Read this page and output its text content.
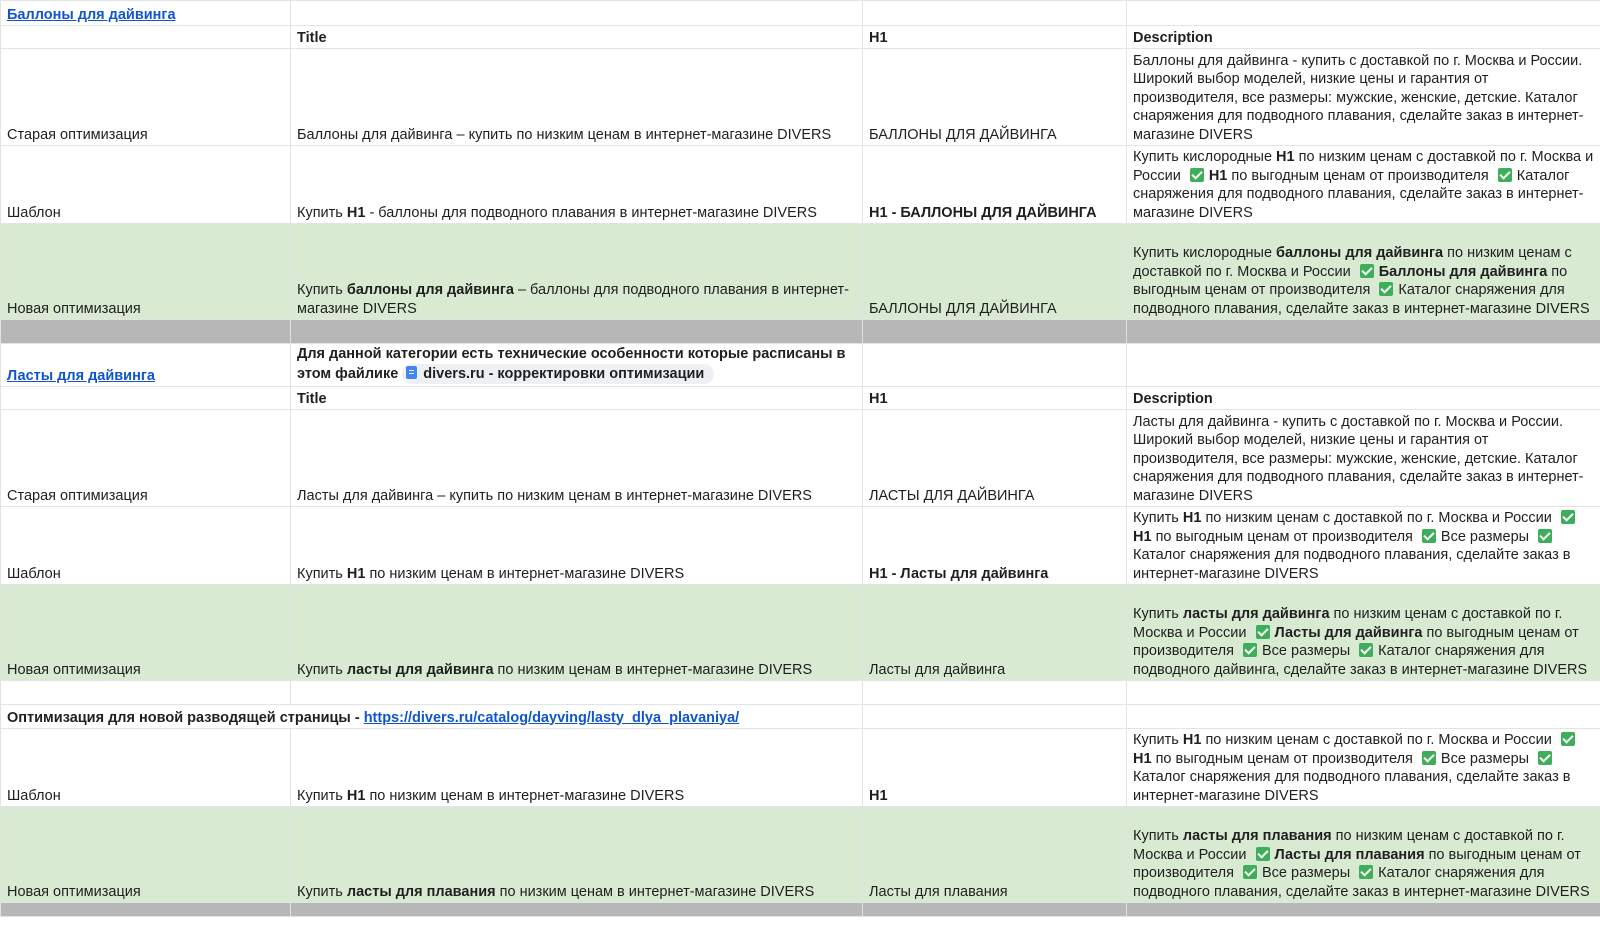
Баллоны для дайвинга			
	Title	H1	Description
Старая оптимизация	Баллоны для дайвинга – купить по низким ценам в интернет-магазине DIVERS	БАЛЛОНЫ ДЛЯ ДАЙВИНГА	Баллоны для дайвинга - купить с доставкой по г. Москва и России. Широкий выбор моделей, низкие цены и гарантия от производителя, все размеры: мужские, женские, детские. Каталог снаряжения для подводного плавания, сделайте заказ в интернет-магазине DIVERS
Шаблон	Купить H1 - баллоны для подводного плавания в интернет-магазине DIVERS	H1 - БАЛЛОНЫ ДЛЯ ДАЙВИНГА	Купить кислородные H1 по низким ценам с доставкой по г. Москва и России H1 по выгодным ценам от производителя Каталог снаряжения для подводного плавания, сделайте заказ в интернет-магазине DIVERS
Новая оптимизация	Купить баллоны для дайвинга – баллоны для подводного плавания в интернет-магазине DIVERS	БАЛЛОНЫ ДЛЯ ДАЙВИНГА	Купить кислородные баллоны для дайвинга по низким ценам с доставкой по г. Москва и России Баллоны для дайвинга по выгодным ценам от производителя Каталог снаряжения для подводного плавания, сделайте заказ в интернет-магазине DIVERS

Ласты для дайвинга	Для данной категории есть технические особенности которые расписаны в этом файлике divers.ru - корректировки оптимизации		
	Title	H1	Description
Старая оптимизация	Ласты для дайвинга – купить по низким ценам в интернет-магазине DIVERS	ЛАСТЫ ДЛЯ ДАЙВИНГА	Ласты для дайвинга - купить с доставкой по г. Москва и России. Широкий выбор моделей, низкие цены и гарантия от производителя, все размеры: мужские, женские, детские. Каталог снаряжения для подводного плавания, сделайте заказ в интернет-магазине DIVERS
Шаблон	Купить H1 по низким ценам в интернет-магазине DIVERS	H1 - Ласты для дайвинга	Купить H1 по низким ценам с доставкой по г. Москва и России H1 по выгодным ценам от производителя Все размеры Каталог снаряжения для подводного плавания, сделайте заказ в интернет-магазине DIVERS
Новая оптимизация	Купить ласты для дайвинга по низким ценам в интернет-магазине DIVERS	Ласты для дайвинга	Купить ласты для дайвинга по низким ценам с доставкой по г. Москва и России Ласты для дайвинга по выгодным ценам от производителя Все размеры Каталог снаряжения для подводного дайвинга, сделайте заказ в интернет-магазине DIVERS

Оптимизация для новой разводящей страницы - https://divers.ru/catalog/dayving/lasty_dlya_plavaniya/			
Шаблон	Купить H1 по низким ценам в интернет-магазине DIVERS	H1	Купить H1 по низким ценам с доставкой по г. Москва и России H1 по выгодным ценам от производителя Все размеры Каталог снаряжения для подводного плавания, сделайте заказ в интернет-магазине DIVERS
Новая оптимизация	Купить ласты для плавания по низким ценам в интернет-магазине DIVERS	Ласты для плавания	Купить ласты для плавания по низким ценам с доставкой по г. Москва и России Ласты для плавания по выгодным ценам от производителя Все размеры Каталог снаряжения для подводного плавания, сделайте заказ в интернет-магазине DIVERS
